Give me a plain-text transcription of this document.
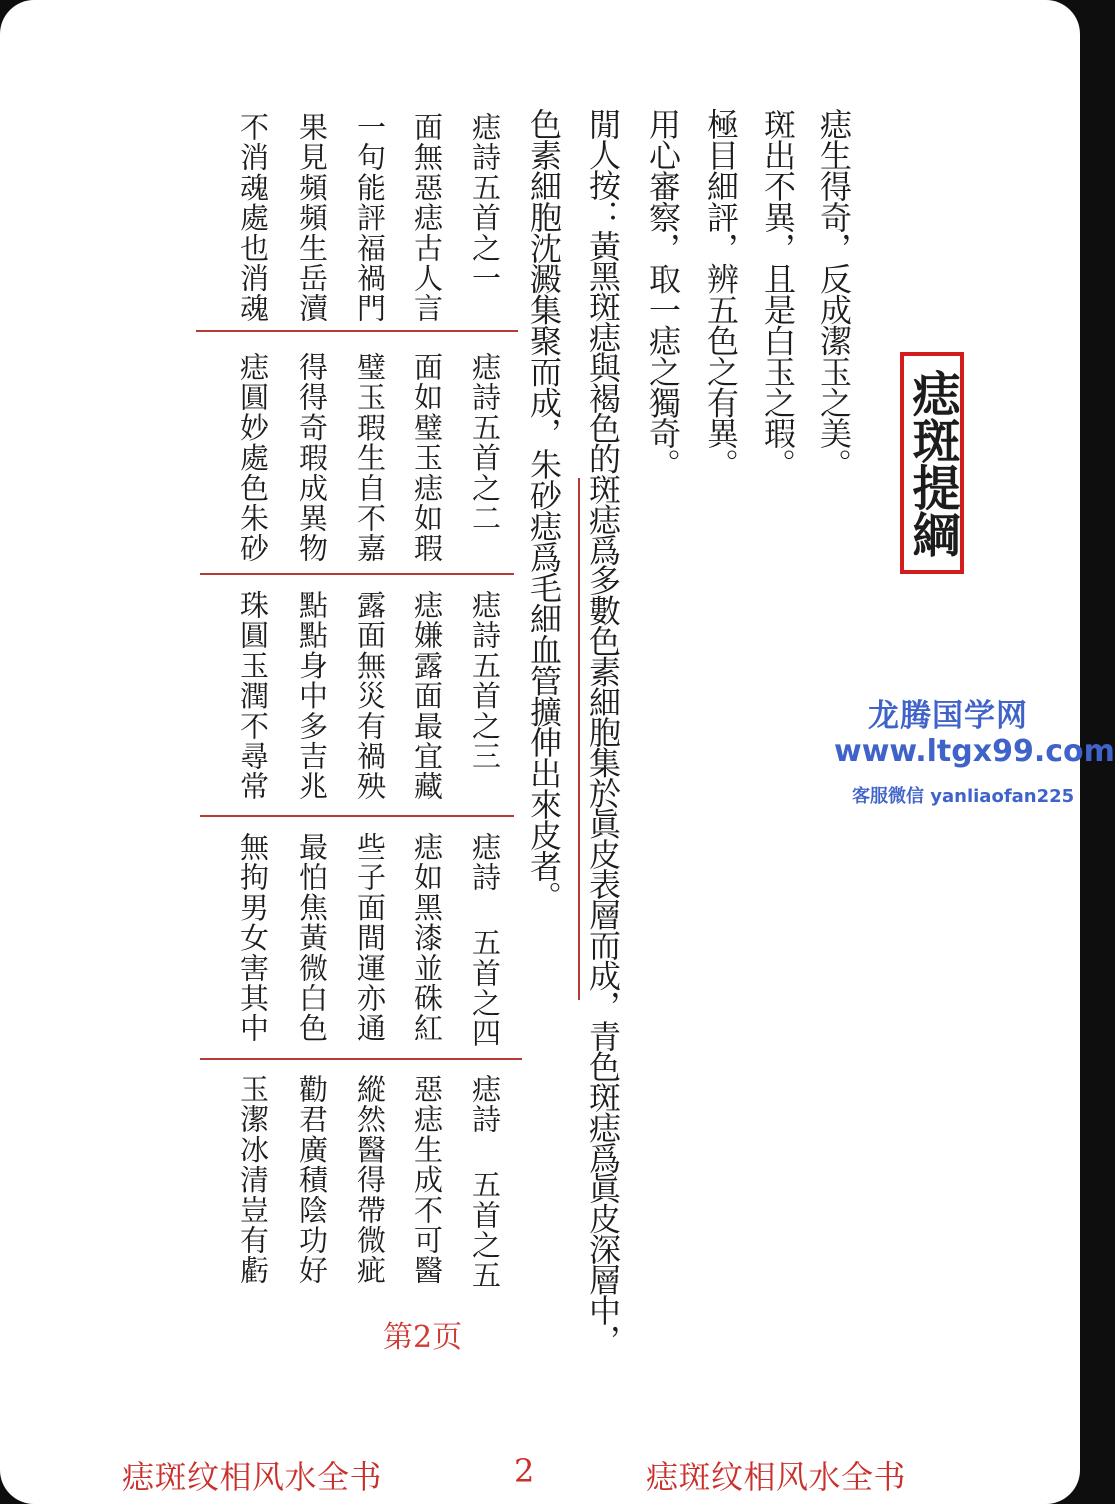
痣斑提綱
痣生得奇，反成潔玉之美。
斑出不異，且是白玉之瑕。
極目細評，辨五色之有異。
用心審察，取一痣之獨奇。
閒人按：黃黑斑痣與褐色的斑痣爲多數色素細胞集於眞皮表層而成，青色斑痣爲眞皮深層中，
色素細胞沈澱集聚而成，朱砂痣爲毛細血管擴伸出來皮者。
痣詩五首之一
面無惡痣古人言
一句能評福禍門
果見頻頻生岳瀆
不消魂處也消魂
痣詩五首之二
面如璧玉痣如瑕
璧玉瑕生自不嘉
得得奇瑕成異物
痣圓妙處色朱砂
痣詩五首之三
痣嫌露面最宜藏
露面無災有禍殃
點點身中多吉兆
珠圓玉潤不尋常
痣詩 五首之四
痣如黑漆並硃紅
些子面間運亦通
最怕焦黃微白色
無拘男女害其中
痣詩 五首之五
惡痣生成不可醫
縱然醫得帶微疵
勸君廣積陰功好
玉潔冰清豈有虧
龙腾国学网
www.ltgx99.com
客服微信 yanliaofan225
第2页
痣斑纹相风水全书	2	痣斑纹相风水全书
